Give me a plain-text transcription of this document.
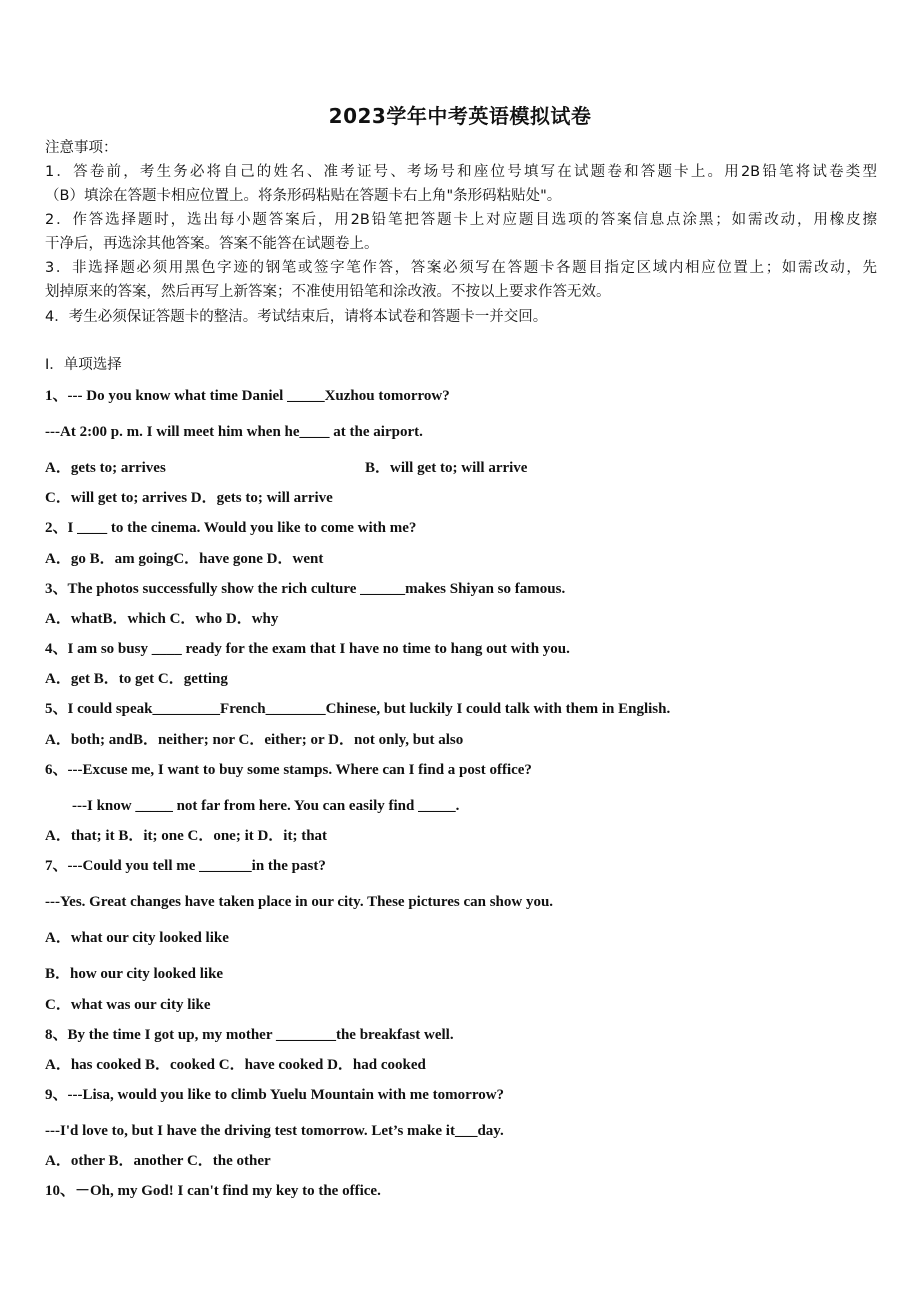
2023学年中考英语模拟试卷
注意事项：
1．答卷前，考生务必将自己的姓名、准考证号、考场号和座位号填写在试题卷和答题卡上。用2B铅笔将试卷类型
（B）填涂在答题卡相应位置上。将条形码粘贴在答题卡右上角"条形码粘贴处"。
2．作答选择题时，选出每小题答案后，用2B铅笔把答题卡上对应题目选项的答案信息点涂黑；如需改动，用橡皮擦
干净后，再选涂其他答案。答案不能答在试题卷上。
3．非选择题必须用黑色字迹的钢笔或签字笔作答，答案必须写在答题卡各题目指定区域内相应位置上；如需改动，先
划掉原来的答案，然后再写上新答案；不准使用铅笔和涂改液。不按以上要求作答无效。
4．考生必须保证答题卡的整洁。考试结束后，请将本试卷和答题卡一并交回。
Ⅰ．单项选择
1、--- Do you know what time Daniel _____Xuzhou tomorrow?
---At 2:00 p. m. I will meet him when he____ at the airport.
A．gets to; arrives	B．will get to; will arrive
C．will get to; arrives D．gets to; will arrive
2、I ____ to the cinema. Would you like to come with me?
A．go B．am goingC．have gone D．went
3、The photos successfully show the rich culture ______makes Shiyan so famous.
A．whatB．which C．who D．why
4、I am so busy ____ ready for the exam that I have no time to hang out with you.
A．get B．to get C．getting
5、I could speak_________French________Chinese, but luckily I could talk with them in English.
A．both; andB．neither; nor C．either; or D．not only, but also
6、---Excuse me, I want to buy some stamps. Where can I find a post office?
---I know _____ not far from here. You can easily find _____.
A．that; it B．it; one C．one; it D．it; that
7、---Could you tell me _______in the past?
---Yes. Great changes have taken place in our city. These pictures can show you.
A．what our city looked like
B．how our city looked like
C．what was our city like
8、By the time I got up, my mother ________the breakfast well.
A．has cooked B．cooked C．have cooked D．had cooked
9、---Lisa, would you like to climb Yuelu Mountain with me tomorrow?
---I'd love to, but I have the driving test tomorrow. Let’s make it___day.
A．other B．another C．the other
10、－Oh, my God! I can't find my key to the office.
